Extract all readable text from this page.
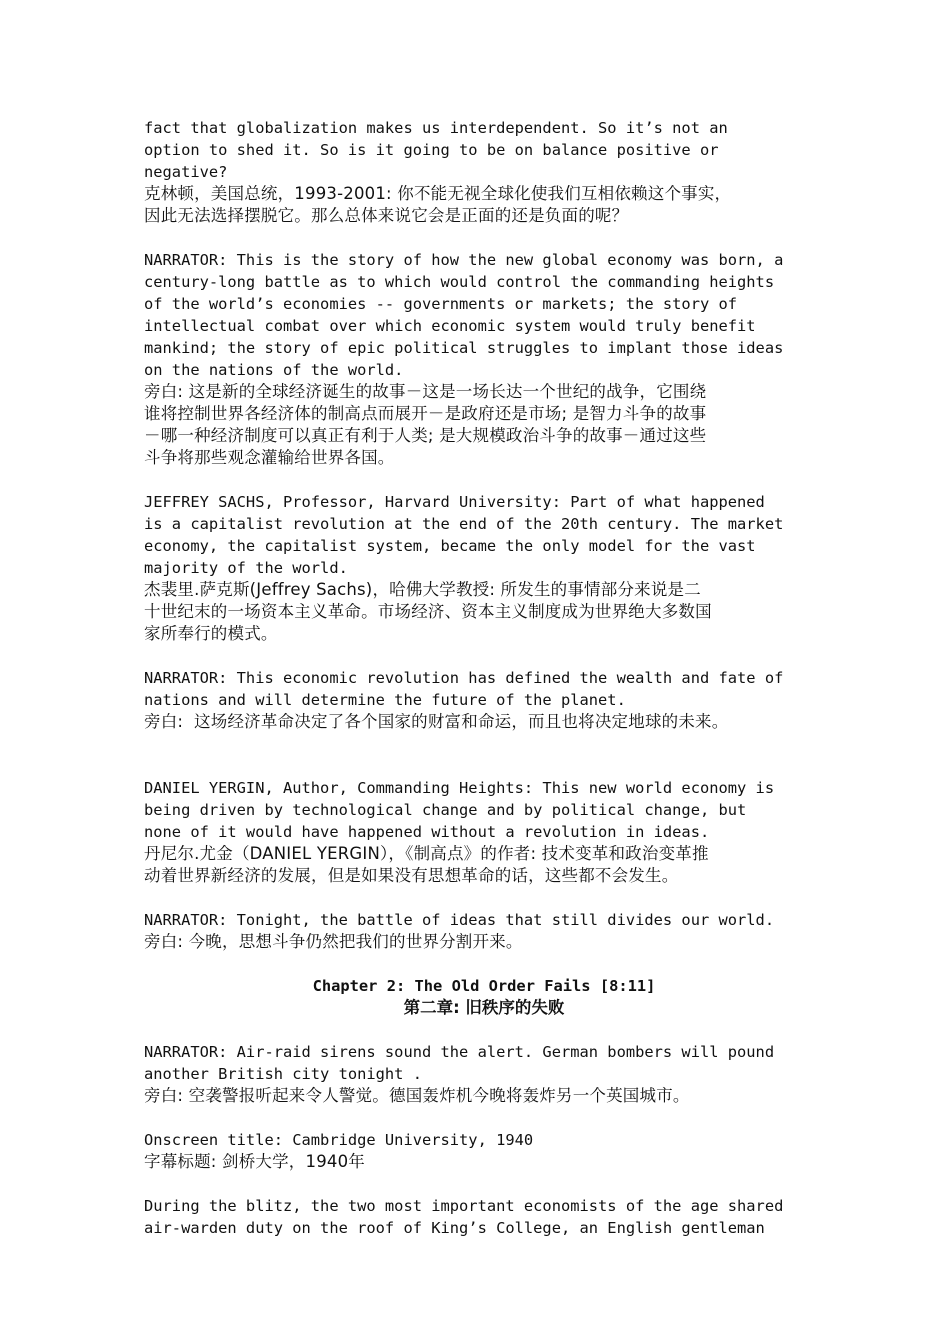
fact that globalization makes us interdependent. So it’s not an
option to shed it. So is it going to be on balance positive or
negative?
克林顿，美国总统，1993-2001: 你不能无视全球化使我们互相依赖这个事实，
因此无法选择摆脱它。那么总体来说它会是正面的还是负面的呢？
NARRATOR: This is the story of how the new global economy was born, a
century-long battle as to which would control the commanding heights
of the world’s economies -- governments or markets; the story of
intellectual combat over which economic system would truly benefit
mankind; the story of epic political struggles to implant those ideas
on the nations of the world.
旁白: 这是新的全球经济诞生的故事－这是一场长达一个世纪的战争，它围绕
谁将控制世界各经济体的制高点而展开－是政府还是市场; 是智力斗争的故事
－哪一种经济制度可以真正有利于人类; 是大规模政治斗争的故事－通过这些
斗争将那些观念灌输给世界各国。
JEFFREY SACHS, Professor, Harvard University: Part of what happened
is a capitalist revolution at the end of the 20th century. The market
economy, the capitalist system, became the only model for the vast
majority of the world.
杰裴里.萨克斯(Jeffrey Sachs)，哈佛大学教授: 所发生的事情部分来说是二
十世纪末的一场资本主义革命。市场经济、资本主义制度成为世界绝大多数国
家所奉行的模式。
NARRATOR: This economic revolution has defined the wealth and fate of
nations and will determine the future of the planet.
旁白:  这场经济革命决定了各个国家的财富和命运，而且也将决定地球的未来。
DANIEL YERGIN, Author, Commanding Heights: This new world economy is
being driven by technological change and by political change, but
none of it would have happened without a revolution in ideas.
丹尼尔.尤金（DANIEL YERGIN），《制高点》的作者: 技术变革和政治变革推
动着世界新经济的发展，但是如果没有思想革命的话，这些都不会发生。
NARRATOR: Tonight, the battle of ideas that still divides our world.
旁白: 今晚，思想斗争仍然把我们的世界分割开来。
Chapter 2: The Old Order Fails [8:11]
第二章: 旧秩序的失败
NARRATOR: Air-raid sirens sound the alert. German bombers will pound
another British city tonight .
旁白: 空袭警报听起来令人警觉。德国轰炸机今晚将轰炸另一个英国城市。
Onscreen title: Cambridge University, 1940
字幕标题: 剑桥大学，1940年
During the blitz, the two most important economists of the age shared
air-warden duty on the roof of King’s College, an English gentleman
